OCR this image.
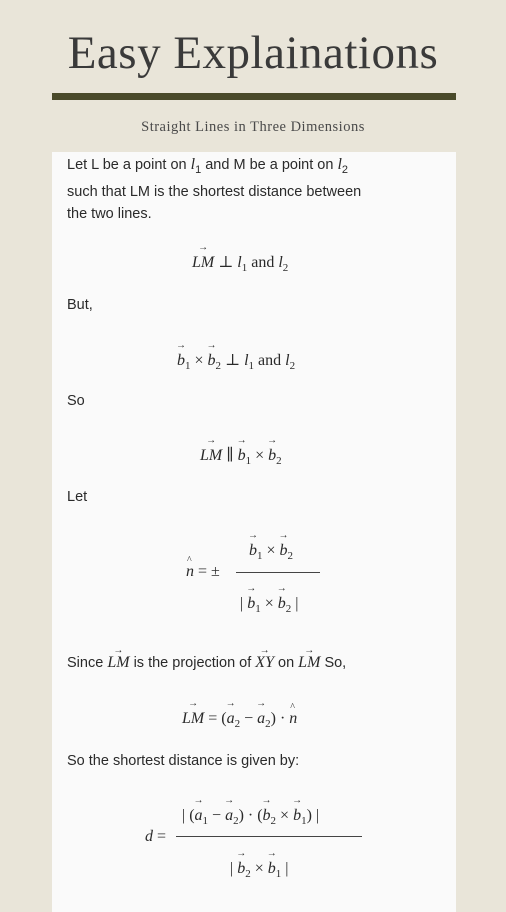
Easy Explainations
Straight Lines in Three Dimensions
Let L be a point on $l_1$ and M be a point on $l_2$
such that LM is the shortest distance between
the two lines.
→ LM ⊥ $l_1$ and $l_2$
But,
→ $b_1$ × → $b_2$ ⊥ $l_1$ and $l_2$
So
→ LM ∥ → $b_1$ × → $b_2$
Let
^ n = ±
→ $b_1$ × → $b_2$
| → $b_1$ × → $b_2$ |
Since → LM is the projection of → XY on → LM So,
→ LM = (→ $a_2$ − → $a_2$) · ^ n
So the shortest distance is given by:
d =
| (→ $a_1$ − → $a_2$) · (→ $b_2$ × → $b_1$) |
| → $b_2$ × → $b_1$ |
